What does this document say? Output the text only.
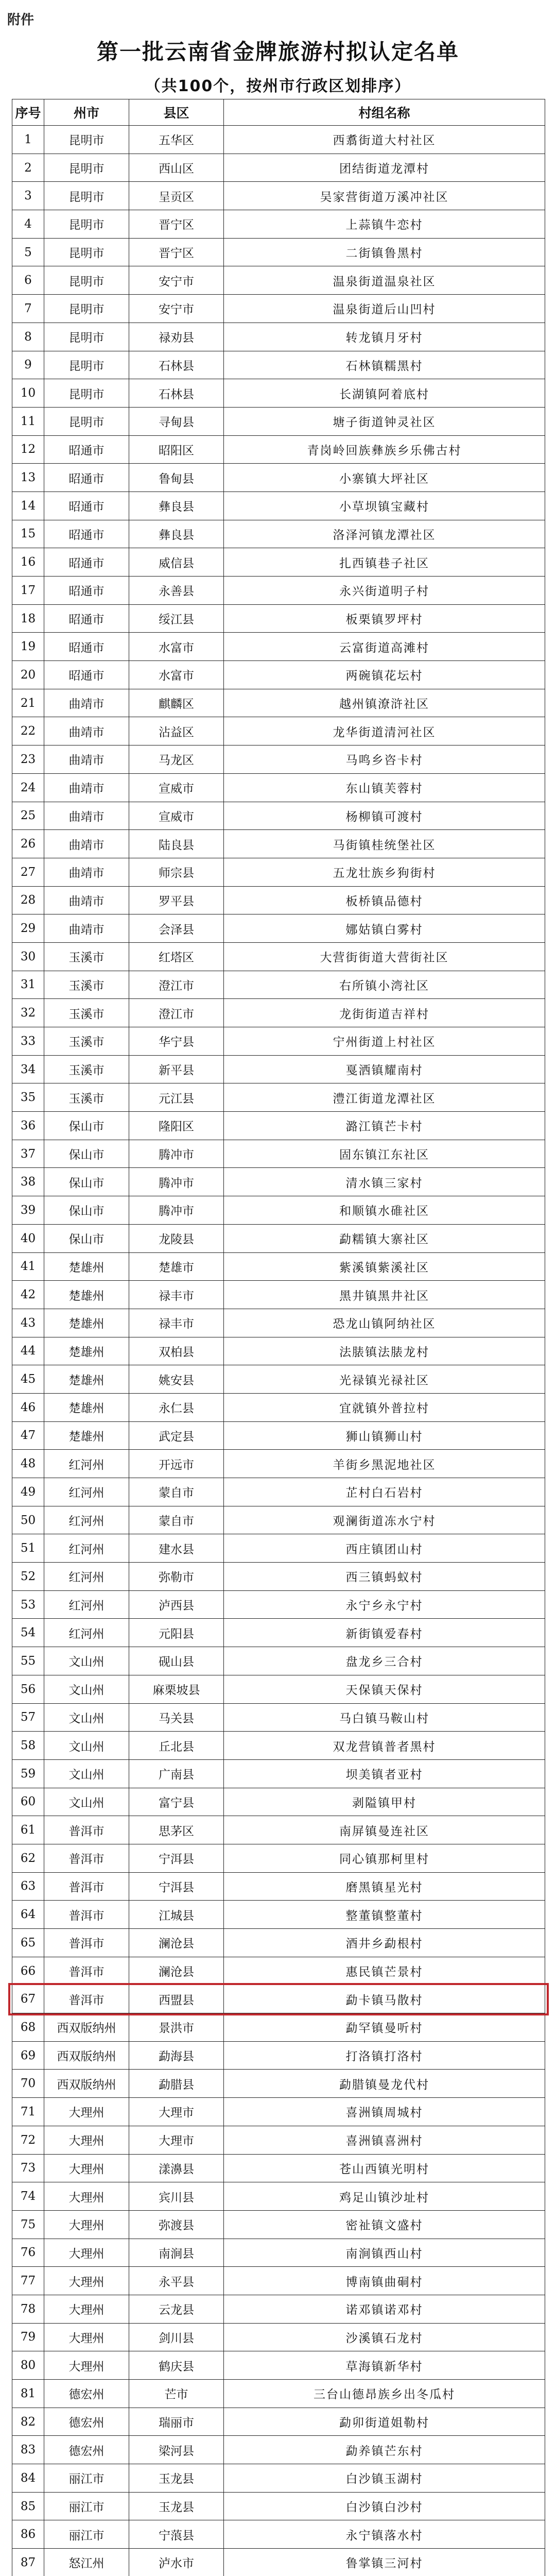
附件
第一批云南省金牌旅游村拟认定名单
（共100个，按州市行政区划排序）
序号	州市	县区	村组名称
1	昆明市	五华区	西翥街道大村社区
2	昆明市	西山区	团结街道龙潭村
3	昆明市	呈贡区	吴家营街道万溪冲社区
4	昆明市	晋宁区	上蒜镇牛恋村
5	昆明市	晋宁区	二街镇鲁黑村
6	昆明市	安宁市	温泉街道温泉社区
7	昆明市	安宁市	温泉街道后山凹村
8	昆明市	禄劝县	转龙镇月牙村
9	昆明市	石林县	石林镇糯黑村
10	昆明市	石林县	长湖镇阿着底村
11	昆明市	寻甸县	塘子街道钟灵社区
12	昭通市	昭阳区	青岗岭回族彝族乡乐佛古村
13	昭通市	鲁甸县	小寨镇大坪社区
14	昭通市	彝良县	小草坝镇宝藏村
15	昭通市	彝良县	洛泽河镇龙潭社区
16	昭通市	威信县	扎西镇巷子社区
17	昭通市	永善县	永兴街道明子村
18	昭通市	绥江县	板栗镇罗坪村
19	昭通市	水富市	云富街道高滩村
20	昭通市	水富市	两碗镇花坛村
21	曲靖市	麒麟区	越州镇潦浒社区
22	曲靖市	沾益区	龙华街道清河社区
23	曲靖市	马龙区	马鸣乡咨卡村
24	曲靖市	宣威市	东山镇芙蓉村
25	曲靖市	宣威市	杨柳镇可渡村
26	曲靖市	陆良县	马街镇桂统堡社区
27	曲靖市	师宗县	五龙壮族乡狗街村
28	曲靖市	罗平县	板桥镇品德村
29	曲靖市	会泽县	娜姑镇白雾村
30	玉溪市	红塔区	大营街街道大营街社区
31	玉溪市	澄江市	右所镇小湾社区
32	玉溪市	澄江市	龙街街道吉祥村
33	玉溪市	华宁县	宁州街道上村社区
34	玉溪市	新平县	戛洒镇耀南村
35	玉溪市	元江县	澧江街道龙潭社区
36	保山市	隆阳区	潞江镇芒卡村
37	保山市	腾冲市	固东镇江东社区
38	保山市	腾冲市	清水镇三家村
39	保山市	腾冲市	和顺镇水碓社区
40	保山市	龙陵县	勐糯镇大寨社区
41	楚雄州	楚雄市	紫溪镇紫溪社区
42	楚雄州	禄丰市	黑井镇黑井社区
43	楚雄州	禄丰市	恐龙山镇阿纳社区
44	楚雄州	双柏县	法脿镇法脿龙村
45	楚雄州	姚安县	光禄镇光禄社区
46	楚雄州	永仁县	宜就镇外普拉村
47	楚雄州	武定县	狮山镇狮山村
48	红河州	开远市	羊街乡黑泥地社区
49	红河州	蒙自市	芷村白石岩村
50	红河州	蒙自市	观澜街道冻水宁村
51	红河州	建水县	西庄镇团山村
52	红河州	弥勒市	西三镇蚂蚁村
53	红河州	泸西县	永宁乡永宁村
54	红河州	元阳县	新街镇爱春村
55	文山州	砚山县	盘龙乡三合村
56	文山州	麻栗坡县	天保镇天保村
57	文山州	马关县	马白镇马鞍山村
58	文山州	丘北县	双龙营镇普者黑村
59	文山州	广南县	坝美镇者亚村
60	文山州	富宁县	剥隘镇甲村
61	普洱市	思茅区	南屏镇曼连社区
62	普洱市	宁洱县	同心镇那柯里村
63	普洱市	宁洱县	磨黑镇星光村
64	普洱市	江城县	整董镇整董村
65	普洱市	澜沧县	酒井乡勐根村
66	普洱市	澜沧县	惠民镇芒景村
67	普洱市	西盟县	勐卡镇马散村
68	西双版纳州	景洪市	勐罕镇曼听村
69	西双版纳州	勐海县	打洛镇打洛村
70	西双版纳州	勐腊县	勐腊镇曼龙代村
71	大理州	大理市	喜洲镇周城村
72	大理州	大理市	喜洲镇喜洲村
73	大理州	漾濞县	苍山西镇光明村
74	大理州	宾川县	鸡足山镇沙址村
75	大理州	弥渡县	密祉镇文盛村
76	大理州	南涧县	南涧镇西山村
77	大理州	永平县	博南镇曲硐村
78	大理州	云龙县	诺邓镇诺邓村
79	大理州	剑川县	沙溪镇石龙村
80	大理州	鹤庆县	草海镇新华村
81	德宏州	芒市	三台山德昂族乡出冬瓜村
82	德宏州	瑞丽市	勐卯街道姐勒村
83	德宏州	梁河县	勐养镇芒东村
84	丽江市	玉龙县	白沙镇玉湖村
85	丽江市	玉龙县	白沙镇白沙村
86	丽江市	宁蒗县	永宁镇落水村
87	怒江州	泸水市	鲁掌镇三河村
